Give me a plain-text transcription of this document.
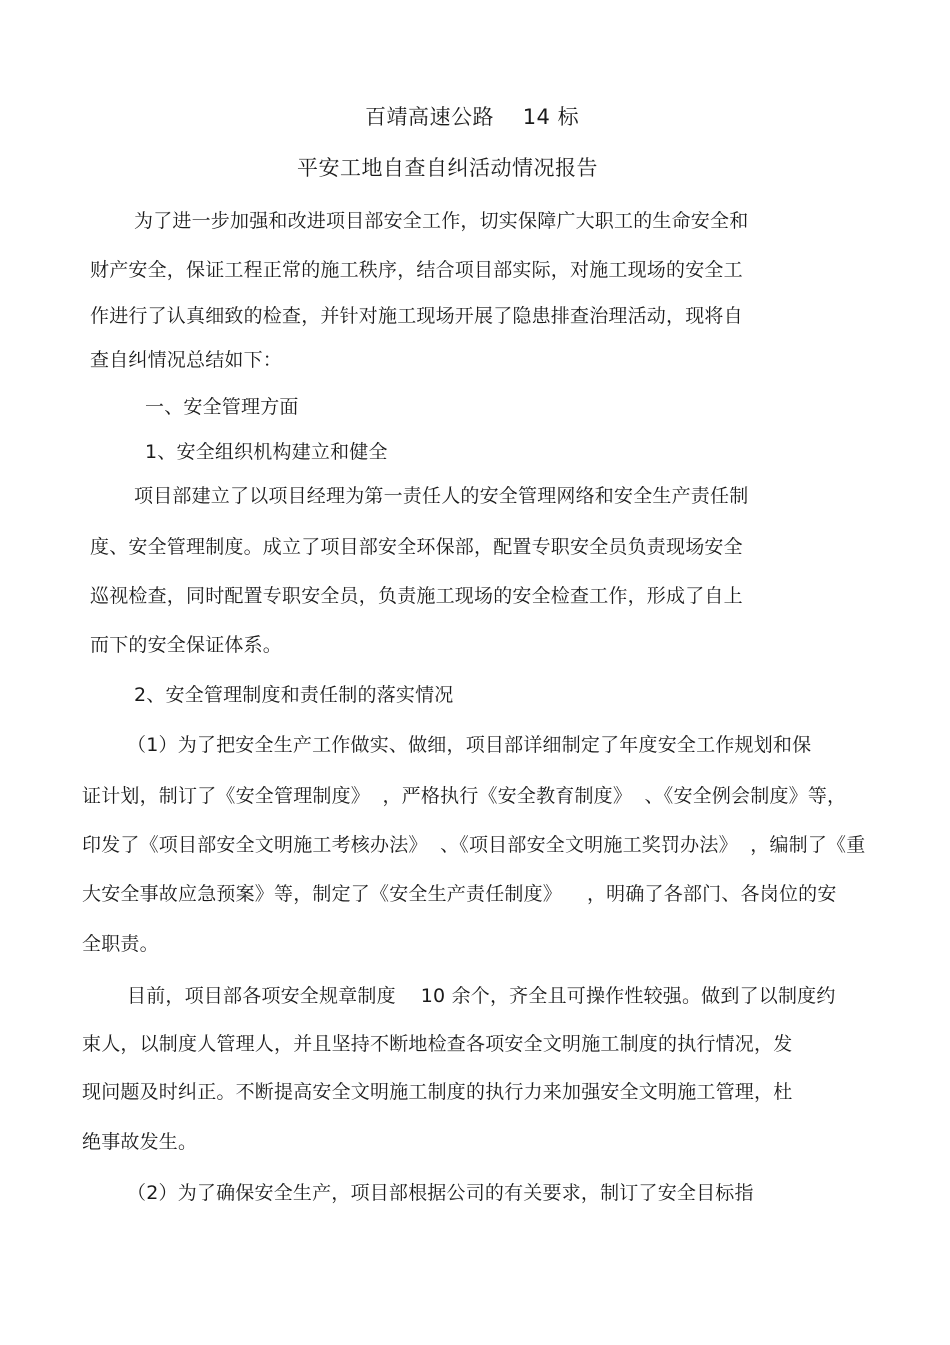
百靖高速公路    14 标
平安工地自查自纠活动情况报告
为了进一步加强和改进项目部安全工作，切实保障广大职工的生命安全和
财产安全，保证工程正常的施工秩序，结合项目部实际，对施工现场的安全工
作进行了认真细致的检查，并针对施工现场开展了隐患排查治理活动，现将自
查自纠情况总结如下：
一、安全管理方面
1、安全组织机构建立和健全
项目部建立了以项目经理为第一责任人的安全管理网络和安全生产责任制
度、安全管理制度。成立了项目部安全环保部，配置专职安全员负责现场安全
巡视检查，同时配置专职安全员，负责施工现场的安全检查工作，形成了自上
而下的安全保证体系。
2、安全管理制度和责任制的落实情况
（1）为了把安全生产工作做实、做细，项目部详细制定了年度安全工作规划和保
证计划，制订了《安全管理制度》  ，严格执行《安全教育制度》  、《安全例会制度》等，
印发了《项目部安全文明施工考核办法》  、《项目部安全文明施工奖罚办法》  ，编制了《重
大安全事故应急预案》等，制定了《安全生产责任制度》    ，明确了各部门、各岗位的安
全职责。
目前，项目部各项安全规章制度    10 余个，齐全且可操作性较强。做到了以制度约
束人，以制度人管理人，并且坚持不断地检查各项安全文明施工制度的执行情况，发
现问题及时纠正。不断提高安全文明施工制度的执行力来加强安全文明施工管理，杜
绝事故发生。
（2）为了确保安全生产，项目部根据公司的有关要求，制订了安全目标指
